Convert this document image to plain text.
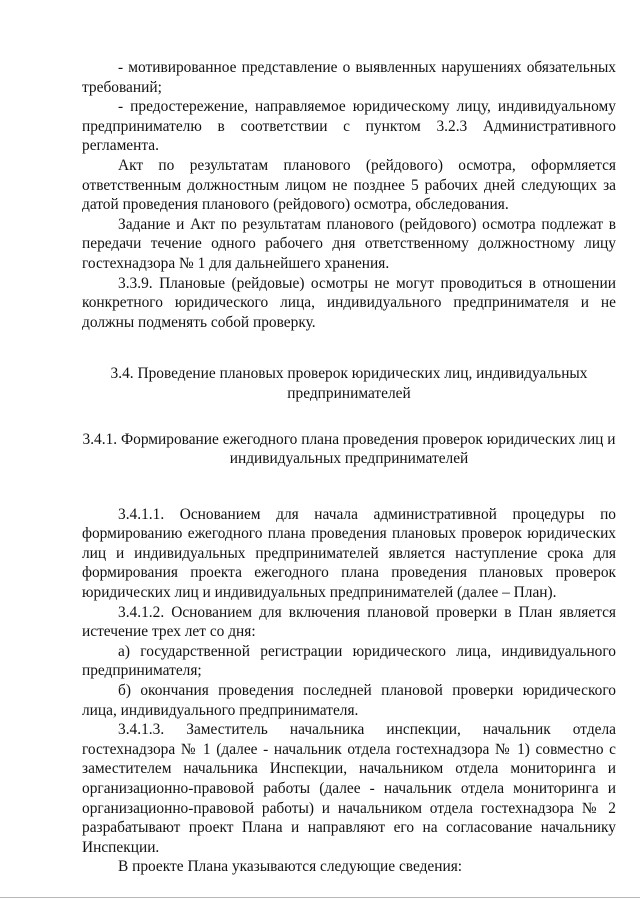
- мотивированное представление о выявленных нарушениях обязательных требований;

- предостережение, направляемое юридическому лицу, индивидуальному предпринимателю в соответствии с пунктом 3.2.3 Административного регламента.

Акт по результатам планового (рейдового) осмотра, оформляется ответственным должностным лицом не позднее 5 рабочих дней следующих за датой проведения планового (рейдового) осмотра, обследования.

Задание и Акт по результатам планового (рейдового) осмотра подлежат в передачи течение одного рабочего дня ответственному должностному лицу гостехнадзора № 1 для дальнейшего хранения.

3.3.9. Плановые (рейдовые) осмотры не могут проводиться в отношении конкретного юридического лица, индивидуального предпринимателя и не должны подменять собой проверку.

3.4. Проведение плановых проверок юридических лиц, индивидуальных

предпринимателей

3.4.1. Формирование ежегодного плана проведения проверок юридических лиц и

индивидуальных предпринимателей

3.4.1.1. Основанием для начала административной процедуры по формированию ежегодного плана проведения плановых проверок юридических лиц и индивидуальных предпринимателей является наступление срока для формирования проекта ежегодного плана проведения плановых проверок юридических лиц и индивидуальных предпринимателей (далее – План).

3.4.1.2. Основанием для включения плановой проверки в План является истечение трех лет со дня:

а) государственной регистрации юридического лица, индивидуального предпринимателя;

б) окончания проведения последней плановой проверки юридического лица, индивидуального предпринимателя.

3.4.1.3. Заместитель начальника инспекции, начальник отдела гостехнадзора № 1 (далее - начальник отдела гостехнадзора № 1) совместно с заместителем начальника Инспекции, начальником отдела мониторинга и организационно-правовой работы (далее - начальник отдела мониторинга и организационно-правовой работы) и начальником отдела гостехнадзора № 2 разрабатывают проект Плана и направляют его на согласование начальнику Инспекции.

В проекте Плана указываются следующие сведения:
